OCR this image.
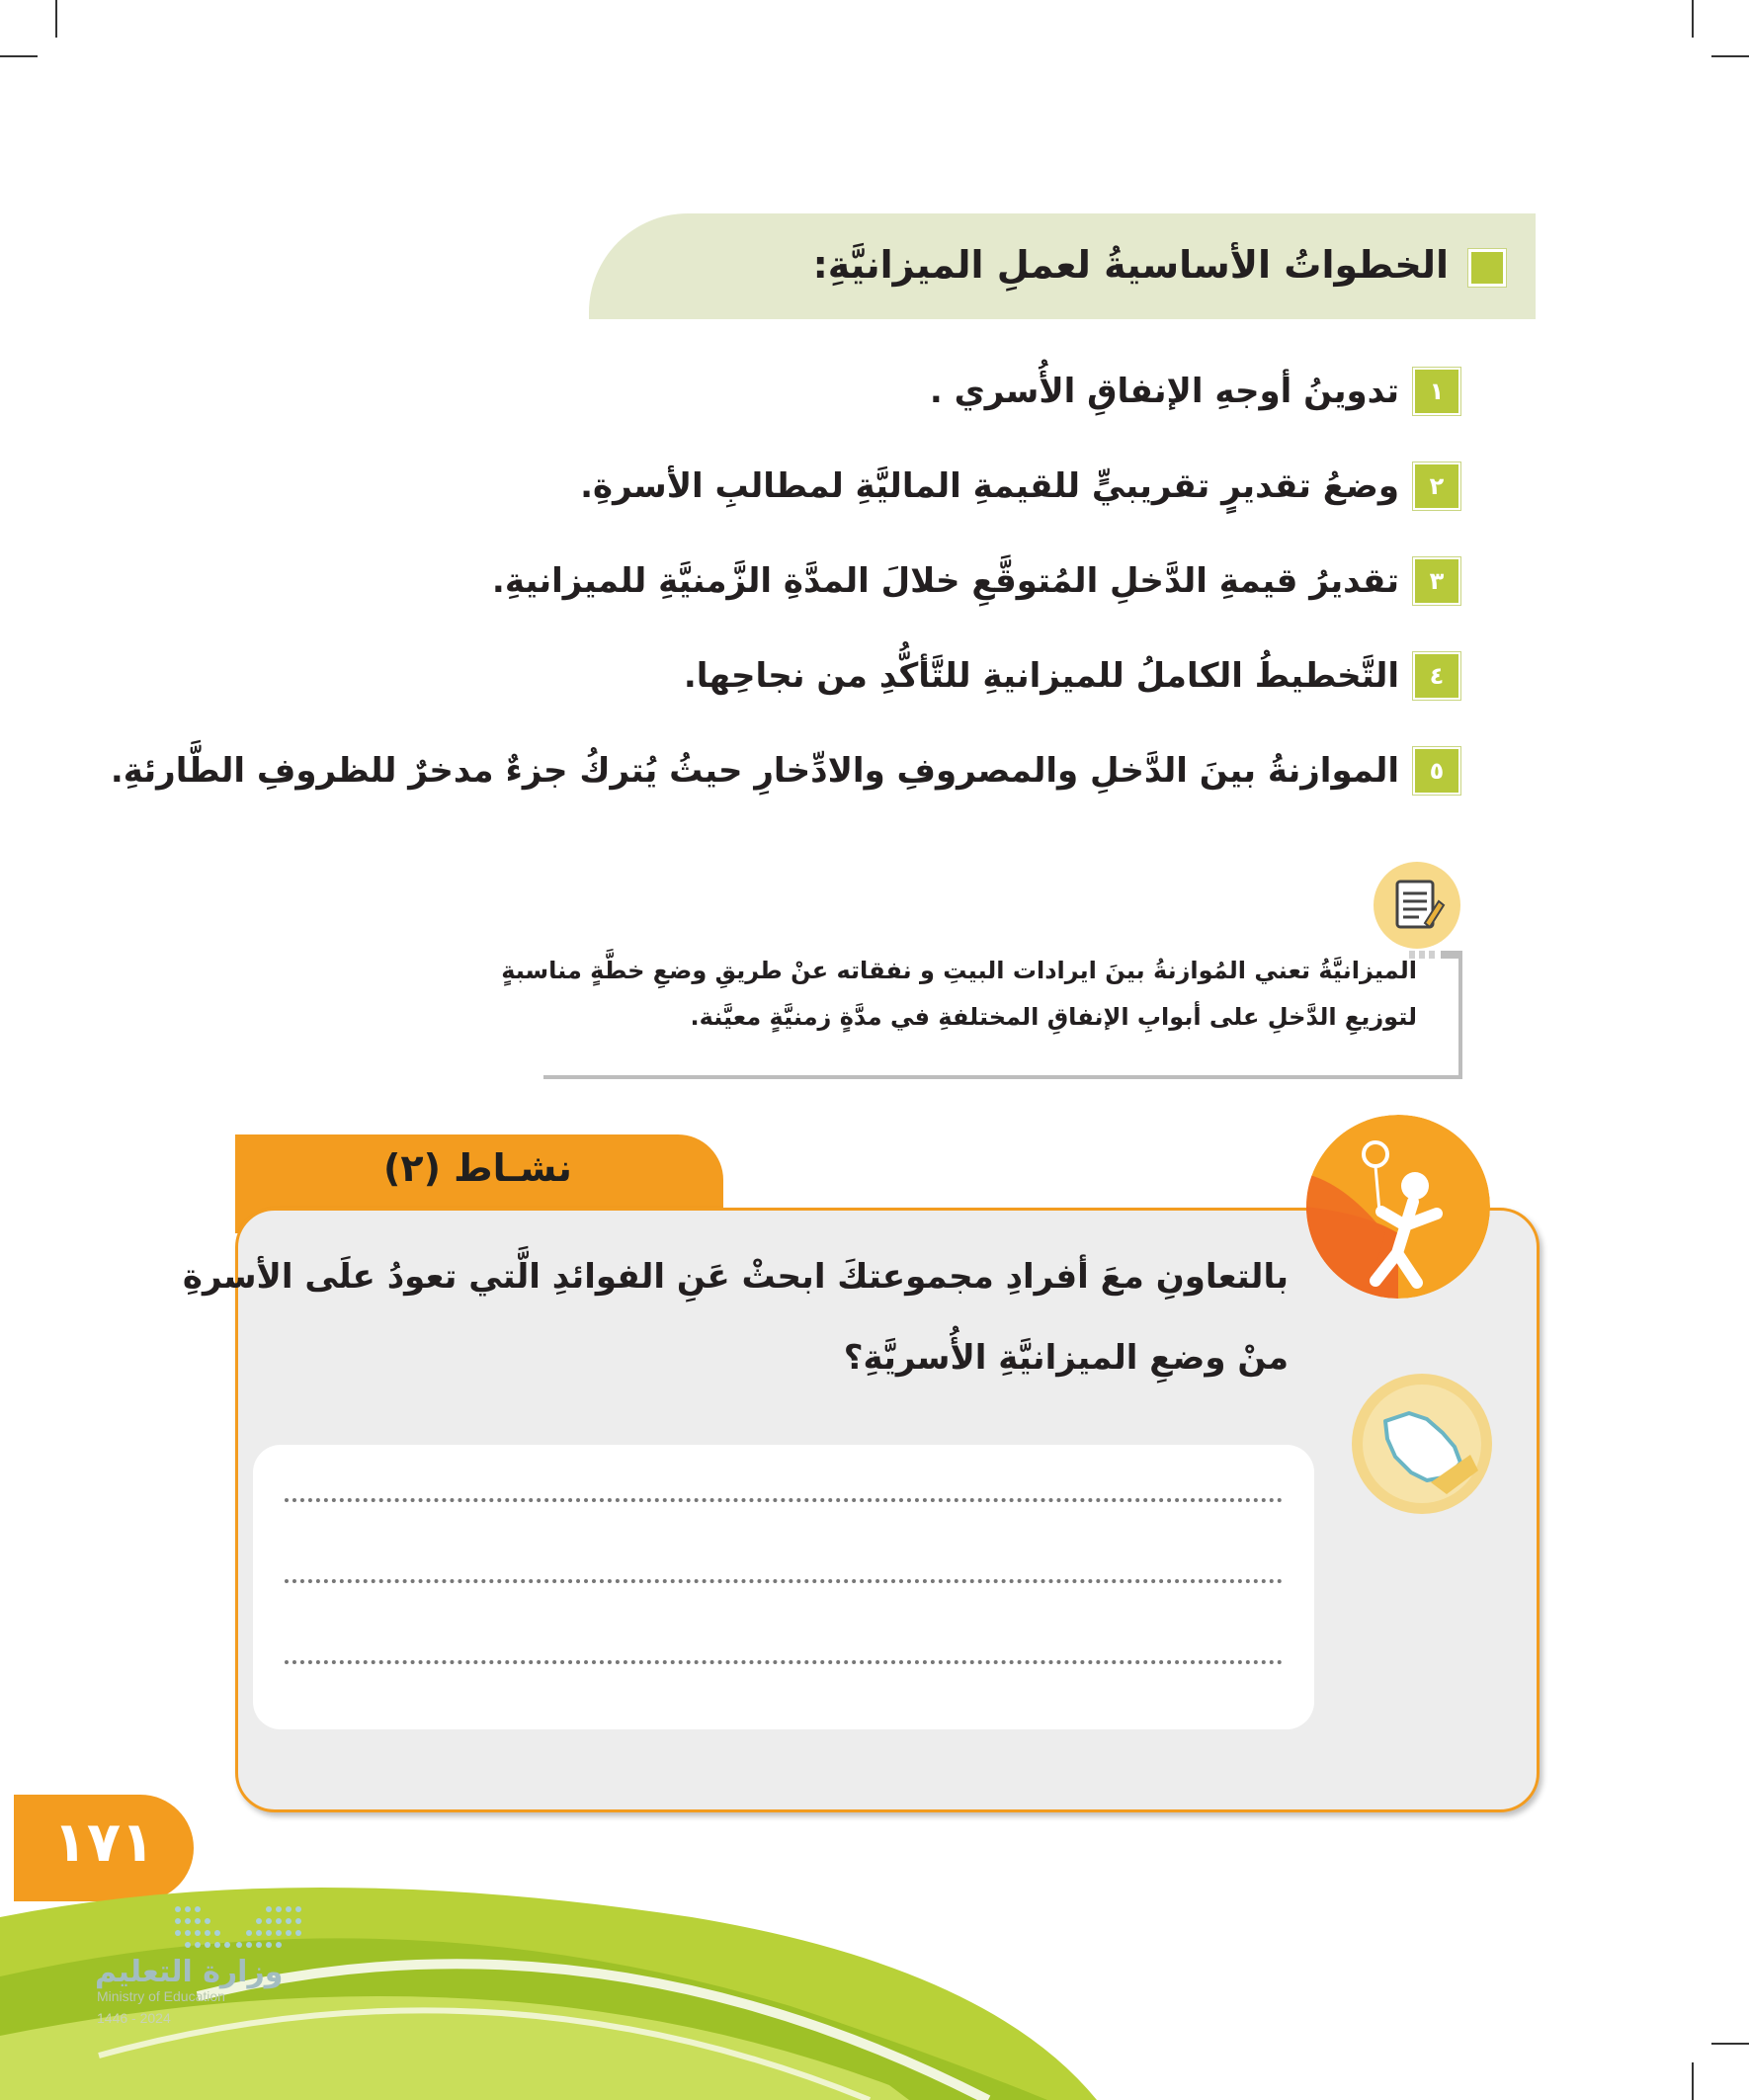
الخطواتُ الأساسيةُ لعملِ الميزانيَّةِ:
١
تدوينُ أوجهِ الإنفاقِ الأُسري .
٢
وضعُ تقديرٍ تقريبيٍّ للقيمةِ الماليَّةِ لمطالبِ الأسرةِ.
٣
تقديرُ قيمةِ الدَّخلِ المُتوقَّعِ خلالَ المدَّةِ الزَّمنيَّةِ للميزانيةِ.
٤
التَّخطيطُ الكاملُ للميزانيةِ للتَّأكُّدِ من نجاحِها.
٥
الموازنةُ بينَ الدَّخلِ والمصروفِ والادِّخارِ حيثُ يُتركُ جزءٌ مدخرٌ للظروفِ الطَّارئةِ.
الميزانيَّةُ تعني المُوازنةُ بينَ ايرادات البيتِ و نفقاته عنْ طريقِ وضعِ خطَّةٍ مناسبةٍ
لتوزيعِ الدَّخلِ على أبوابِ الإنفاقِ المختلفةِ في مدَّةٍ زمنيَّةٍ معيَّنة.
نشـاط (٢)
بالتعاونِ معَ أفرادِ مجموعتكَ ابحثْ عَنِ الفوائدِ الَّتي تعودُ علَى الأسرةِ
منْ وضعِ الميزانيَّةِ الأُسريَّةِ؟
١٧١
وزارة التعليم
Ministry of Education
2024 - 1446
